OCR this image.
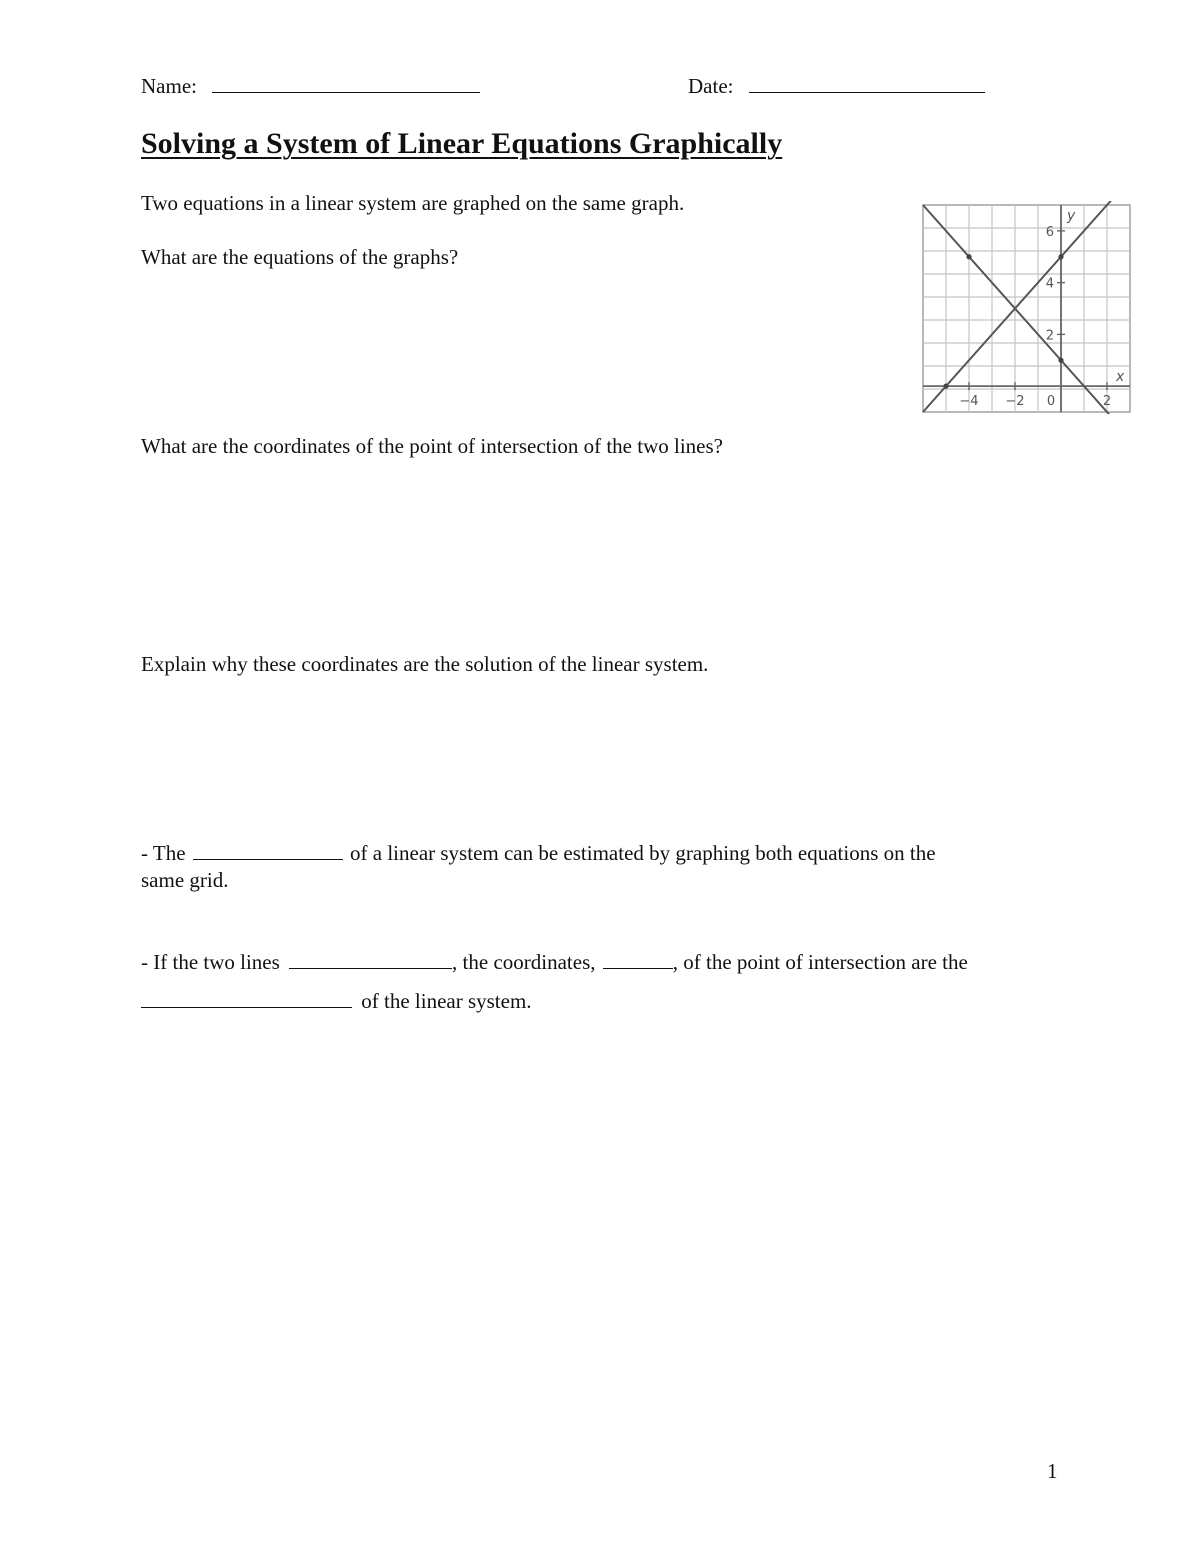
Name:	Date:
Solving a System of Linear Equations Graphically
Two equations in a linear system are graphed on the same graph.
What are the equations of the graphs?
What are the coordinates of the point of intersection of the two lines?
Explain why these coordinates are the solution of the linear system.
- The	of a linear system can be estimated by graphing both equations on the
same grid.
- If the two lines	, the coordinates,	, of the point of intersection are the
of the linear system.
1
x
y
−4 −2 0	2
2
4
6
